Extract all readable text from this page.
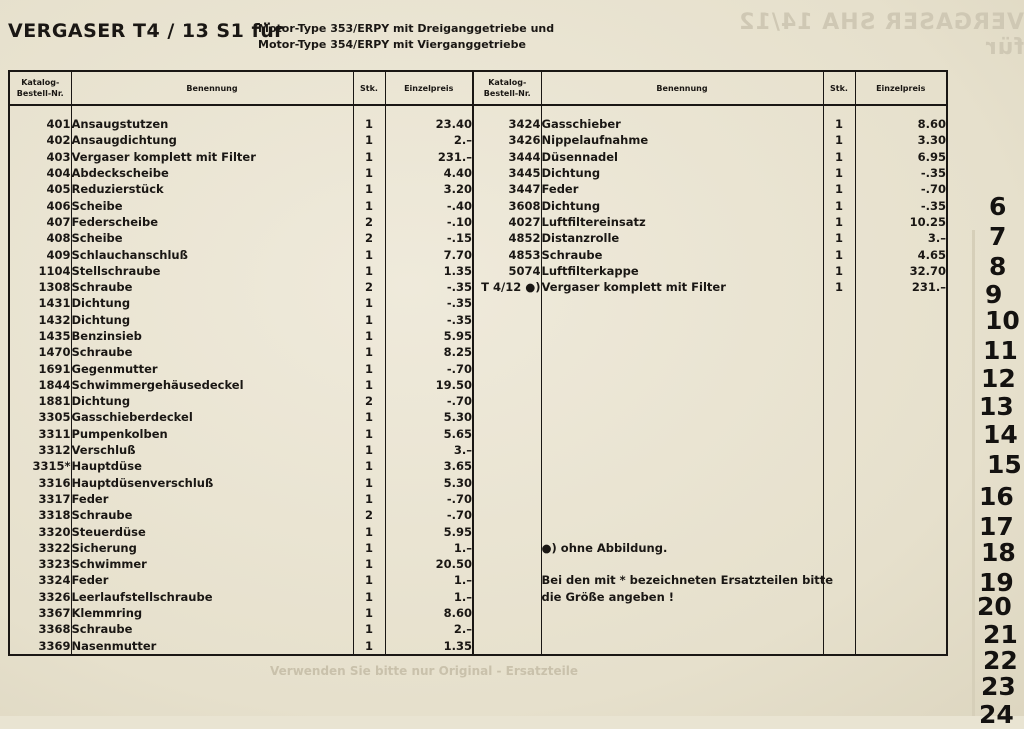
VERGASER SHA 14/12 für
VERGASER T4 / 13 S1 für
Motor-Type 353/ERPY mit Dreiganggetriebe und
Motor-Type 354/ERPY mit Vierganggetriebe
Katalog-
Bestell-Nr.	Benennung	Stk.	Einzelpreis	Katalog-
Bestell-Nr.	Benennung	Stk.	Einzelpreis

401	Ansaugstutzen	1	23.40	3424	Gasschieber	1	8.60
402	Ansaugdichtung	1	2.–	3426	Nippelaufnahme	1	3.30
403	Vergaser komplett mit Filter	1	231.–	3444	Düsennadel	1	6.95
404	Abdeckscheibe	1	4.40	3445	Dichtung	1	-.35
405	Reduzierstück	1	3.20	3447	Feder	1	-.70
406	Scheibe	1	-.40	3608	Dichtung	1	-.35
407	Federscheibe	2	-.10	4027	Luftfiltereinsatz	1	10.25
408	Scheibe	2	-.15	4852	Distanzrolle	1	3.–
409	Schlauchanschluß	1	7.70	4853	Schraube	1	4.65
1104	Stellschraube	1	1.35	5074	Luftfilterkappe	1	32.70
1308	Schraube	2	-.35	T 4/12 ●)	Vergaser komplett mit Filter	1	231.–
1431	Dichtung	1	-.35				
1432	Dichtung	1	-.35				
1435	Benzinsieb	1	5.95				
1470	Schraube	1	8.25				
1691	Gegenmutter	1	-.70				
1844	Schwimmergehäusedeckel	1	19.50				
1881	Dichtung	2	-.70				
3305	Gasschieberdeckel	1	5.30				
3311	Pumpenkolben	1	5.65				
3312	Verschluß	1	3.–				
3315*	Hauptdüse	1	3.65				
3316	Hauptdüsenverschluß	1	5.30				
3317	Feder	1	-.70				
3318	Schraube	2	-.70				
3320	Steuerdüse	1	5.95				
3322	Sicherung	1	1.–		●) ohne Abbildung.		
3323	Schwimmer	1	20.50				
3324	Feder	1	1.–		Bei den mit * bezeichneten Ersatzteilen bitte		
3326	Leerlaufstellschraube	1	1.–		die Größe angeben !		
3367	Klemmring	1	8.60				
3368	Schraube	1	2.–				
3369	Nasenmutter	1	1.35				
Verwenden Sie bitte nur Original - Ersatzteile
6
7
8
9
10
11
12
13
14
15
16
17
18
19
20
21
22
23
24
